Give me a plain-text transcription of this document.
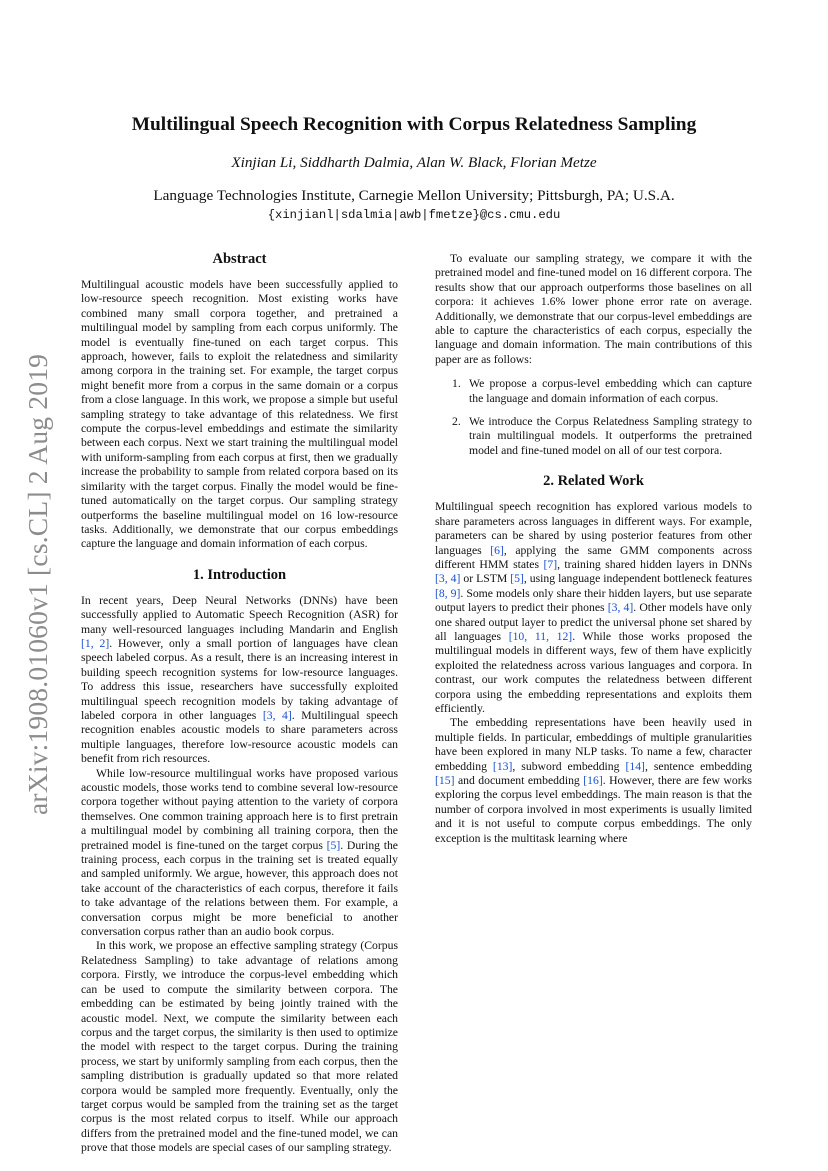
arXiv:1908.01060v1 [cs.CL] 2 Aug 2019
Multilingual Speech Recognition with Corpus Relatedness Sampling
Xinjian Li, Siddharth Dalmia, Alan W. Black, Florian Metze
Language Technologies Institute, Carnegie Mellon University; Pittsburgh, PA; U.S.A.
{xinjianl|sdalmia|awb|fmetze}@cs.cmu.edu
Abstract

Multilingual acoustic models have been successfully applied to low-resource speech recognition. Most existing works have combined many small corpora together, and pretrained a multilingual model by sampling from each corpus uniformly. The model is eventually fine-tuned on each target corpus. This approach, however, fails to exploit the relatedness and similarity among corpora in the training set. For example, the target corpus might benefit more from a corpus in the same domain or a corpus from a close language. In this work, we propose a simple but useful sampling strategy to take advantage of this relatedness. We first compute the corpus-level embeddings and estimate the similarity between each corpus. Next we start training the multilingual model with uniform-sampling from each corpus at first, then we gradually increase the probability to sample from related corpora based on its similarity with the target corpus. Finally the model would be fine-tuned automatically on the target corpus. Our sampling strategy outperforms the baseline multilingual model on 16 low-resource tasks. Additionally, we demonstrate that our corpus embeddings capture the language and domain information of each corpus.

1. Introduction

In recent years, Deep Neural Networks (DNNs) have been successfully applied to Automatic Speech Recognition (ASR) for many well-resourced languages including Mandarin and English [1, 2]. However, only a small portion of languages have clean speech labeled corpus. As a result, there is an increasing interest in building speech recognition systems for low-resource languages. To address this issue, researchers have successfully exploited multilingual speech recognition models by taking advantage of labeled corpora in other languages [3, 4]. Multilingual speech recognition enables acoustic models to share parameters across multiple languages, therefore low-resource acoustic models can benefit from rich resources.

While low-resource multilingual works have proposed various acoustic models, those works tend to combine several low-resource corpora together without paying attention to the variety of corpora themselves. One common training approach here is to first pretrain a multilingual model by combining all training corpora, then the pretrained model is fine-tuned on the target corpus [5]. During the training process, each corpus in the training set is treated equally and sampled uniformly. We argue, however, this approach does not take account of the characteristics of each corpus, therefore it fails to take advantage of the relations between them. For example, a conversation corpus might be more beneficial to another conversation corpus rather than an audio book corpus.

In this work, we propose an effective sampling strategy (Corpus Relatedness Sampling) to take advantage of relations among corpora. Firstly, we introduce the corpus-level embedding which can be used to compute the similarity between corpora. The embedding can be estimated by being jointly trained with the acoustic model. Next, we compute the similarity between each corpus and the target corpus, the similarity is then used to optimize the model with respect to the target corpus. During the training process, we start by uniformly sampling from each corpus, then the sampling distribution is gradually updated so that more related corpora would be sampled more frequently. Eventually, only the target corpus would be sampled from the training set as the target corpus is the most related corpus to itself. While our approach differs from the pretrained model and the fine-tuned model, we can prove that those models are special cases of our sampling strategy.

To evaluate our sampling strategy, we compare it with the pretrained model and fine-tuned model on 16 different corpora. The results show that our approach outperforms those baselines on all corpora: it achieves 1.6% lower phone error rate on average. Additionally, we demonstrate that our corpus-level embeddings are able to capture the characteristics of each corpus, especially the language and domain information. The main contributions of this paper are as follows:

1. We propose a corpus-level embedding which can capture the language and domain information of each corpus.
2. We introduce the Corpus Relatedness Sampling strategy to train multilingual models. It outperforms the pretrained model and fine-tuned model on all of our test corpora.
2. Related Work

Multilingual speech recognition has explored various models to share parameters across languages in different ways. For example, parameters can be shared by using posterior features from other languages [6], applying the same GMM components across different HMM states [7], training shared hidden layers in DNNs [3, 4] or LSTM [5], using language independent bottleneck features [8, 9]. Some models only share their hidden layers, but use separate output layers to predict their phones [3, 4]. Other models have only one shared output layer to predict the universal phone set shared by all languages [10, 11, 12]. While those works proposed the multilingual models in different ways, few of them have explicitly exploited the relatedness across various languages and corpora. In contrast, our work computes the relatedness between different corpora using the embedding representations and exploits them efficiently.

The embedding representations have been heavily used in multiple fields. In particular, embeddings of multiple granularities have been explored in many NLP tasks. To name a few, character embedding [13], subword embedding [14], sentence embedding [15] and document embedding [16]. However, there are few works exploring the corpus level embeddings. The main reason is that the number of corpora involved in most experiments is usually limited and it is not useful to compute corpus embeddings. The only exception is the multitask learning where
